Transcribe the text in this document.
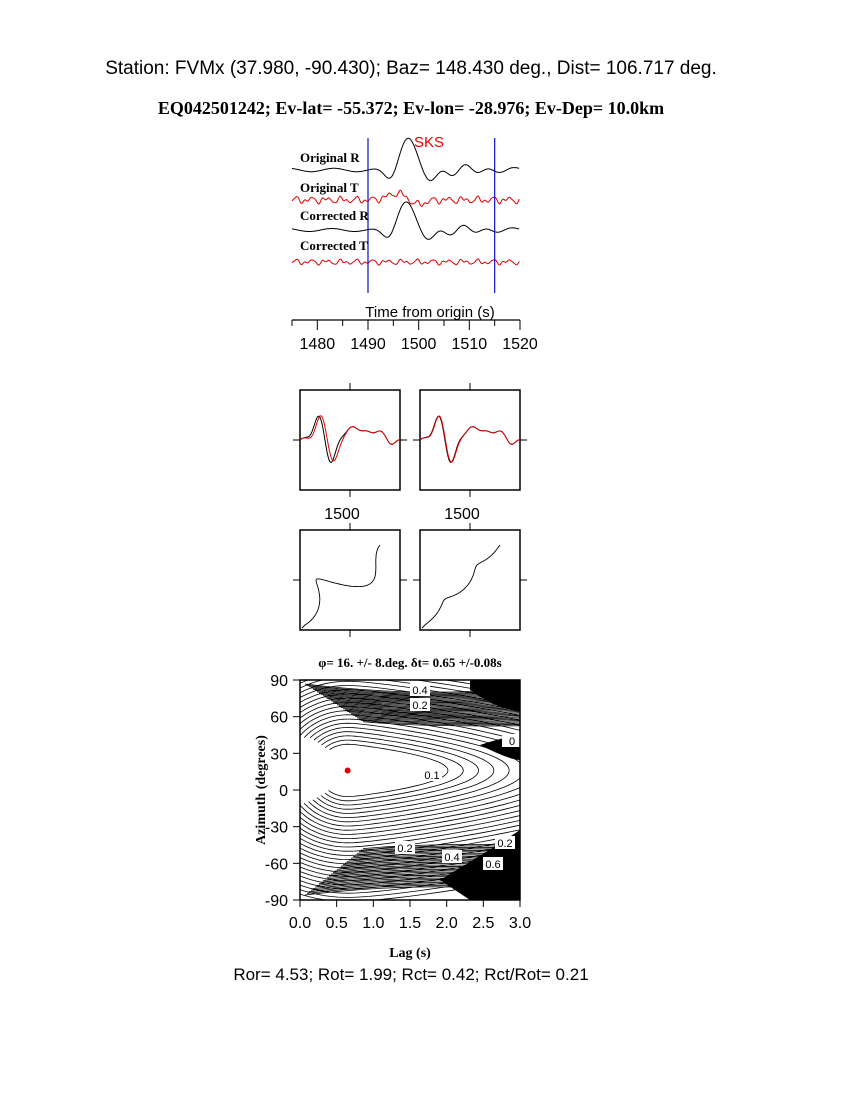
Station: FVMx (37.980, -90.430); Baz= 148.430 deg., Dist= 106.717 deg.
EQ042501242; Ev-lat= -55.372; Ev-lon= -28.976; Ev-Dep= 10.0km
SKS
Original R
Original T
Corrected R
Corrected T
Time from origin (s)
1480 1490 1500 1510 1520
1500	1500
φ= 16. +/- 8.deg. δt= 0.65 +/-0.08s
0.4
0.2
0
0.1
0.2
0.4
0.6
0.2
0.0 0.5 1.0 1.5 2.0 2.5 3.0
90
60
30
0
-30
-60
-90
Lag (s)
Azimuth (degrees)
Ror= 4.53; Rot= 1.99; Rct= 0.42; Rct/Rot= 0.21
